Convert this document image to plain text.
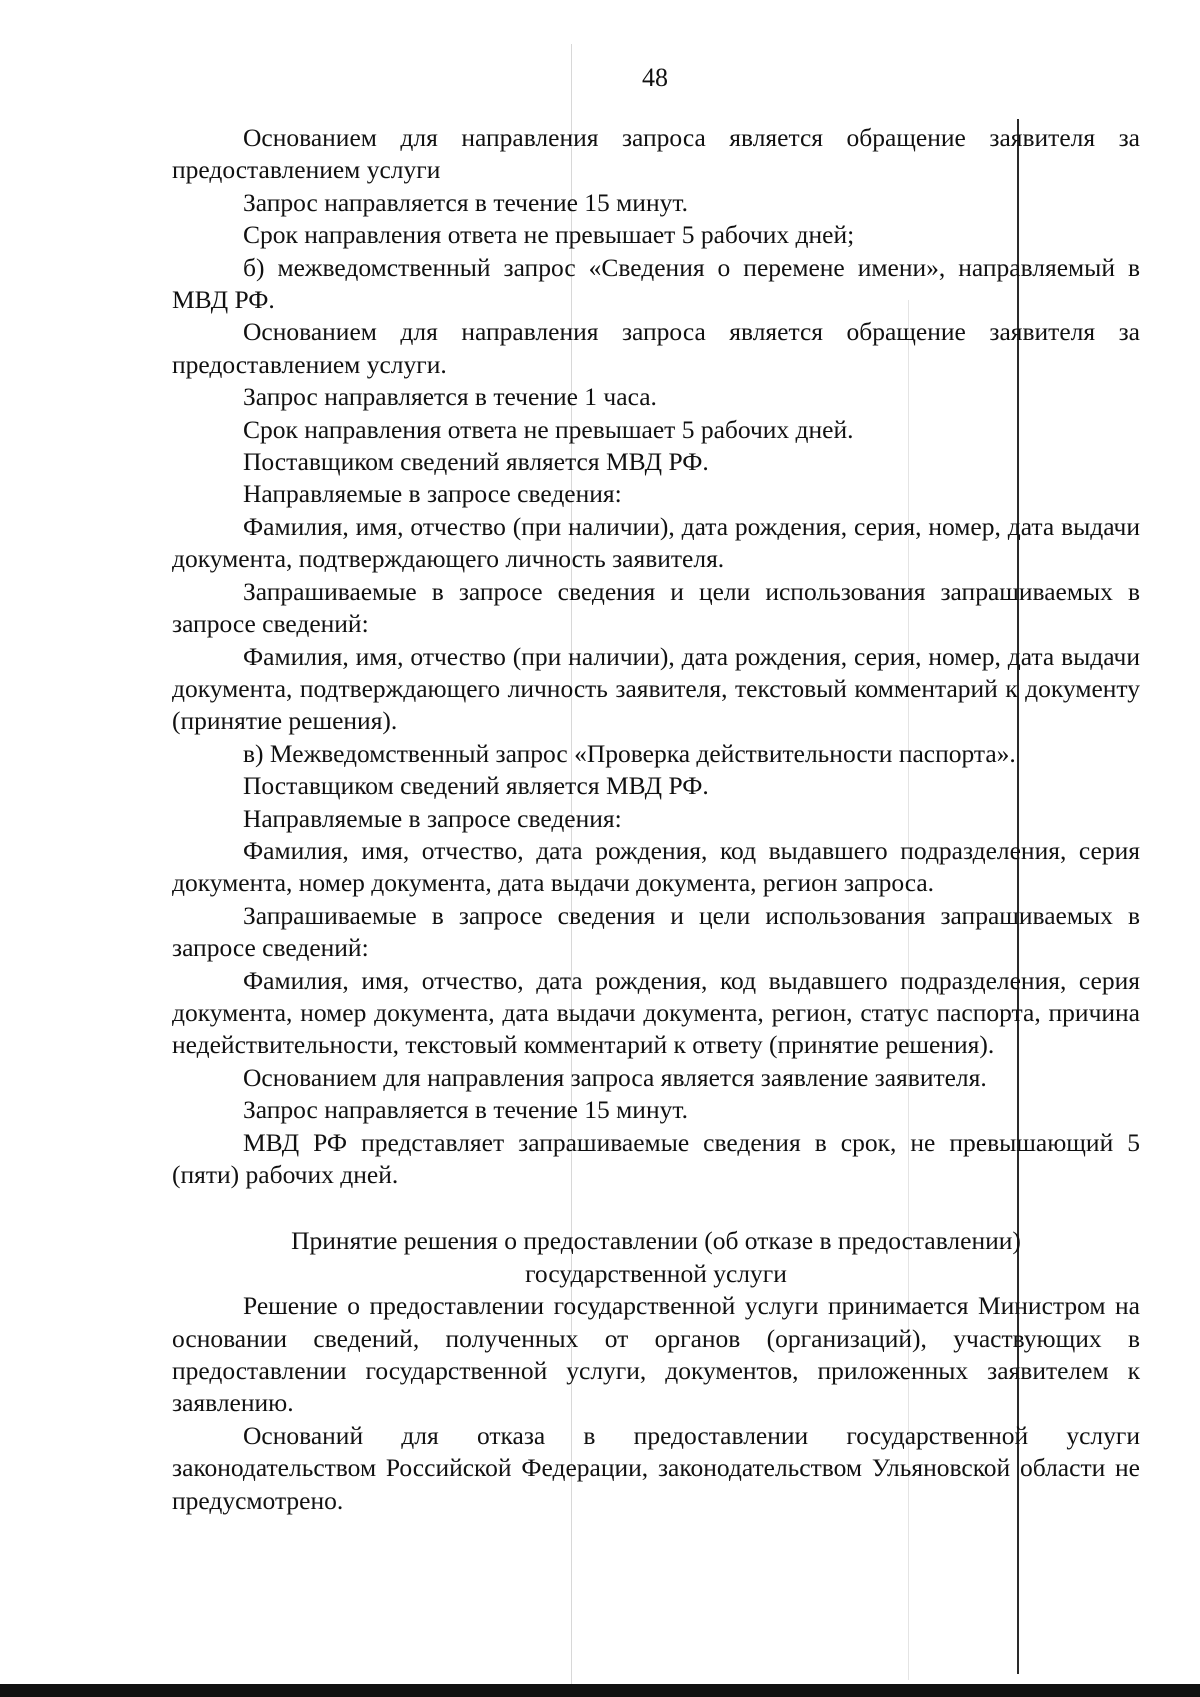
48

Основанием для направления запроса является обращение заявителя за предоставлением услуги

Запрос направляется в течение 15 минут.

Срок направления ответа не превышает 5 рабочих дней;

б) межведомственный запрос «Сведения о перемене имени», направляемый в МВД РФ.

Основанием для направления запроса является обращение заявителя за предоставлением услуги.

Запрос направляется в течение 1 часа.

Срок направления ответа не превышает 5 рабочих дней.

Поставщиком сведений является МВД РФ.

Направляемые в запросе сведения:

Фамилия, имя, отчество (при наличии), дата рождения, серия, номер, дата выдачи документа, подтверждающего личность заявителя.

Запрашиваемые в запросе сведения и цели использования запрашиваемых в запросе сведений:

Фамилия, имя, отчество (при наличии), дата рождения, серия, номер, дата выдачи документа, подтверждающего личность заявителя, текстовый комментарий к документу (принятие решения).

в) Межведомственный запрос «Проверка действительности паспорта».

Поставщиком сведений является МВД РФ.

Направляемые в запросе сведения:

Фамилия, имя, отчество, дата рождения, код выдавшего подразделения, серия документа, номер документа, дата выдачи документа, регион запроса.

Запрашиваемые в запросе сведения и цели использования запрашиваемых в запросе сведений:

Фамилия, имя, отчество, дата рождения, код выдавшего подразделения, серия документа, номер документа, дата выдачи документа, регион, статус паспорта, причина недействительности, текстовый комментарий к ответу (принятие решения).

Основанием для направления запроса является заявление заявителя.

Запрос направляется в течение 15 минут.

МВД РФ представляет запрашиваемые сведения в срок, не превышающий 5 (пяти) рабочих дней.

Принятие решения о предоставлении (об отказе в предоставлении)
государственной услуги

Решение о предоставлении государственной услуги принимается Министром на основании сведений, полученных от органов (организаций), участвующих в предоставлении государственной услуги, документов, приложенных заявителем к заявлению.

Оснований для отказа в предоставлении государственной услуги законодательством Российской Федерации, законодательством Ульяновской области не предусмотрено.
